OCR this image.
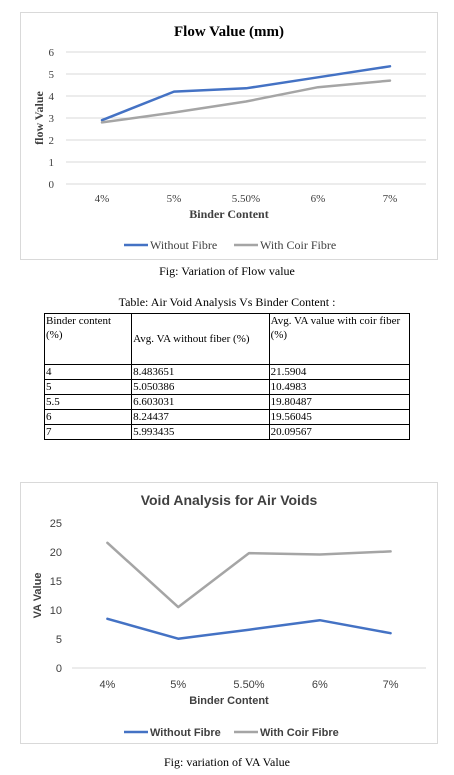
Flow Value (mm)
0
1
2
3
4
5
6
4%	5%	5.50%	6%	7%
Binder Content
flow Value
Without Fibre	With Coir Fibre
Fig: Variation of Flow value
Table: Air Void Analysis Vs Binder Content :
Binder content (%)	Avg. VA without fiber (%)	Avg. VA value with coir fiber (%)
4	8.483651	21.5904
5	5.050386	10.4983
5.5	6.603031	19.80487
6	8.24437	19.56045
7	5.993435	20.09567
Void Analysis for Air Voids
0
5
10
15
20
25
4%	5%	5.50%	6%	7%
Binder Content
VA Value
Without Fibre	With Coir Fibre
Fig: variation of VA Value
